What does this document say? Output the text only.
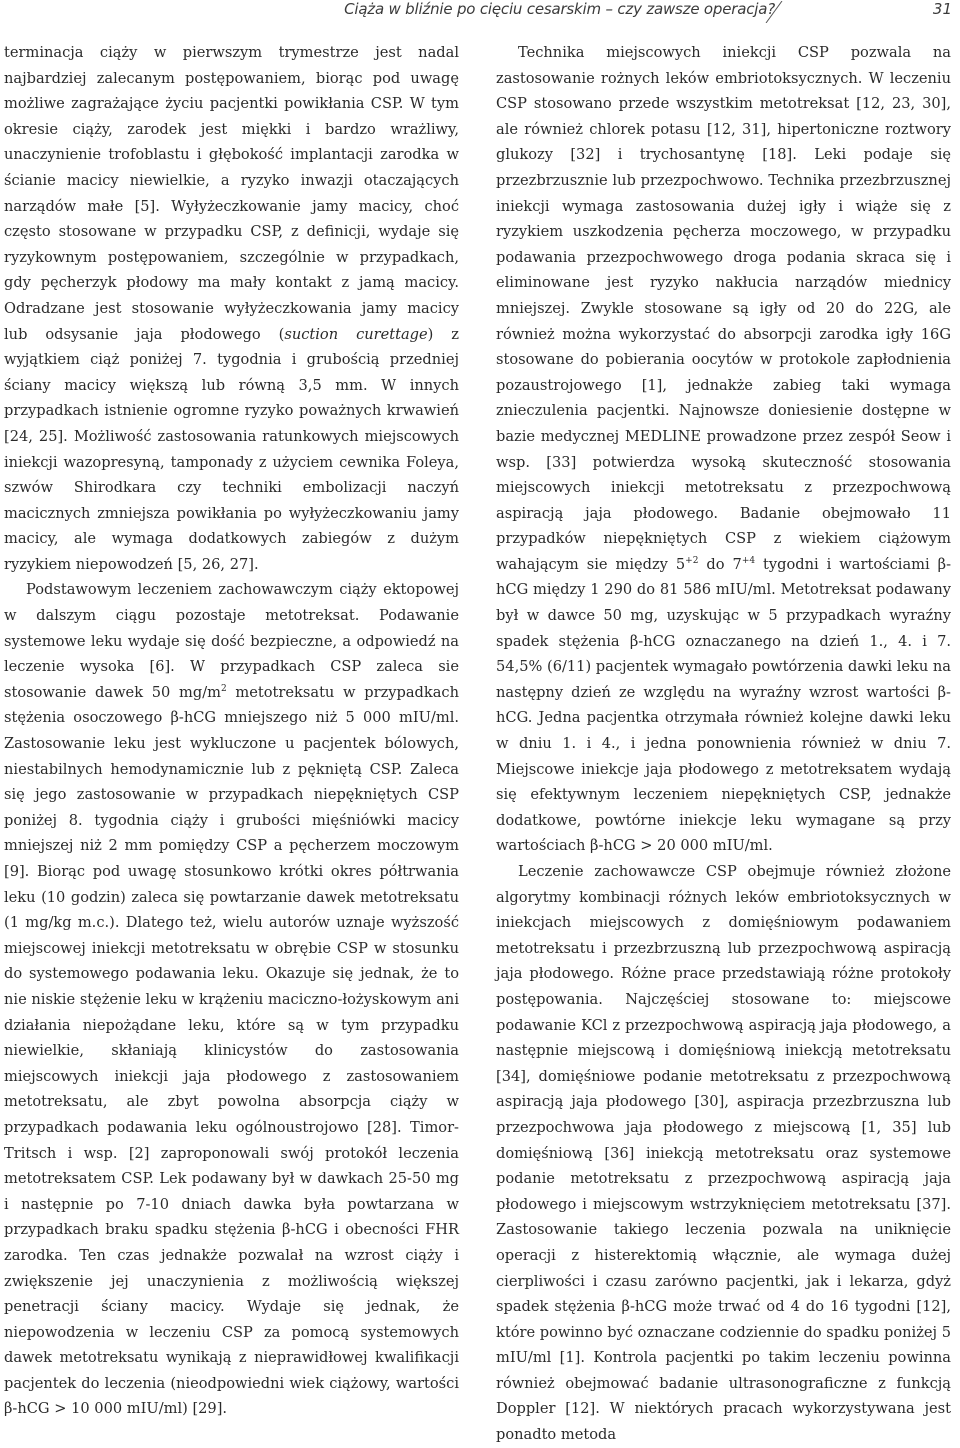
Ciąża w bliźnie po cięciu cesarskim – czy zawsze operacja?	31

terminacja ciąży w pierwszym trymestrze jest nadal najbardziej zalecanym postępowaniem, biorąc pod uwagę możliwe zagrażające życiu pacjentki powikłania CSP. W tym okresie ciąży, zarodek jest miękki i bardzo wrażliwy, unaczynienie trofoblastu i głębokość implantacji zarodka w ścianie macicy niewielkie, a ryzyko inwazji otaczających narządów małe [5]. Wyłyżeczkowanie jamy macicy, choć często stosowane w przypadku CSP, z definicji, wydaje się ryzykownym postępowaniem, szczególnie w przypadkach, gdy pęcherzyk płodowy ma mały kontakt z jamą macicy. Odradzane jest stosowanie wyłyżeczkowania jamy macicy lub odsysanie jaja płodowego (suction curettage) z wyjątkiem ciąż poniżej 7. tygodnia i grubością przedniej ściany macicy większą lub równą 3,5 mm. W innych przypadkach istnienie ogromne ryzyko poważnych krwawień [24, 25]. Możliwość zastosowania ratunkowych miejscowych iniekcji wazopresyną, tamponady z użyciem cewnika Foleya, szwów Shirodkara czy techniki embolizacji naczyń macicznych zmniejsza powikłania po wyłyżeczkowaniu jamy macicy, ale wymaga dodatkowych zabiegów z dużym ryzykiem niepowodzeń [5, 26, 27].

Podstawowym leczeniem zachowawczym ciąży ektopowej w dalszym ciągu pozostaje metotreksat. Podawanie systemowe leku wydaje się dość bezpieczne, a odpowiedź na leczenie wysoka [6]. W przypadkach CSP zaleca sie stosowanie dawek 50 $mg/m^2$ metotreksatu w przypadkach stężenia osoczowego β-hCG mniejszego niż 5 000 mIU/ml. Zastosowanie leku jest wykluczone u pacjentek bólowych, niestabilnych hemodynamicznie lub z pękniętą CSP. Zaleca się jego zastosowanie w przypadkach niepękniętych CSP poniżej 8. tygodnia ciąży i grubości mięśniówki macicy mniejszej niż 2 mm pomiędzy CSP a pęcherzem moczowym [9]. Biorąc pod uwagę stosunkowo krótki okres półtrwania leku (10 godzin) zaleca się powtarzanie dawek metotreksatu (1 mg/kg m.c.). Dlatego też, wielu autorów uznaje wyższość miejscowej iniekcji metotreksatu w obrębie CSP w stosunku do systemowego podawania leku. Okazuje się jednak, że to nie niskie stężenie leku w krążeniu maciczno-łożyskowym ani działania niepożądane leku, które są w tym przypadku niewielkie, skłaniają klinicystów do zastosowania miejscowych iniekcji jaja płodowego z zastosowaniem metotreksatu, ale zbyt powolna absorpcja ciąży w przypadkach podawania leku ogólnoustrojowo [28]. Timor-Tritsch i wsp. [2] zaproponowali swój protokół leczenia metotreksatem CSP. Lek podawany był w dawkach 25-50 mg i następnie po 7-10 dniach dawka była powtarzana w przypadkach braku spadku stężenia β-hCG i obecności FHR zarodka. Ten czas jednakże pozwalał na wzrost ciąży i zwiększenie jej unaczynienia z możliwością większej penetracji ściany macicy. Wydaje się jednak, że niepowodzenia w leczeniu CSP za pomocą systemowych dawek metotreksatu wynikają z nieprawidłowej kwalifikacji pacjentek do leczenia (nieodpowiedni wiek ciążowy, wartości β-hCG > 10 000 mIU/ml) [29].

Technika miejscowych iniekcji CSP pozwala na zastosowanie rożnych leków embriotoksycznych. W leczeniu CSP stosowano przede wszystkim metotreksat [12, 23, 30], ale również chlorek potasu [12, 31], hipertoniczne roztwory glukozy [32] i trychosantynę [18]. Leki podaje się przezbrzusznie lub przezpochwowo. Technika przezbrzusznej iniekcji wymaga zastosowania dużej igły i wiąże się z ryzykiem uszkodzenia pęcherza moczowego, w przypadku podawania przezpochwowego droga podania skraca się i eliminowane jest ryzyko nakłucia narządów miednicy mniejszej. Zwykle stosowane są igły od 20 do 22G, ale również można wykorzystać do absorpcji zarodka igły 16G stosowane do pobierania oocytów w protokole zapłodnienia pozaustrojowego [1], jednakże zabieg taki wymaga znieczulenia pacjentki. Najnowsze doniesienie dostępne w bazie medycznej MEDLINE prowadzone przez zespół Seow i wsp. [33] potwierdza wysoką skuteczność stosowania miejscowych iniekcji metotreksatu z przezpochwową aspiracją jaja płodowego. Badanie obejmowało 11 przypadków niepękniętych CSP z wiekiem ciążowym wahającym sie między $5^{+2}$ do $7^{+4}$ tygodni i wartościami β-hCG między 1 290 do 81 586 mIU/ml. Metotreksat podawany był w dawce 50 mg, uzyskując w 5 przypadkach wyraźny spadek stężenia β-hCG oznaczanego na dzień 1., 4. i 7. 54,5% (6/11) pacjentek wymagało powtórzenia dawki leku na następny dzień ze względu na wyraźny wzrost wartości β-hCG. Jedna pacjentka otrzymała również kolejne dawki leku w dniu 1. i 4., i jedna ponownienia również w dniu 7. Miejscowe iniekcje jaja płodowego z metotreksatem wydają się efektywnym leczeniem niepękniętych CSP, jednakże dodatkowe, powtórne iniekcje leku wymagane są przy wartościach β-hCG > 20 000 mIU/ml.

Leczenie zachowawcze CSP obejmuje również złożone algorytmy kombinacji różnych leków embriotoksycznych w iniekcjach miejscowych z domięśniowym podawaniem metotreksatu i przezbrzuszną lub przezpochwową aspiracją jaja płodowego. Różne prace przedstawiają różne protokoły postępowania. Najczęściej stosowane to: miejscowe podawanie KCl z przezpochwową aspiracją jaja płodowego, a następnie miejscową i domięśniową iniekcją metotreksatu [34], domięśniowe podanie metotreksatu z przezpochwową aspiracją jaja płodowego [30], aspiracja przezbrzuszna lub przezpochwowa jaja płodowego z miejscową [1, 35] lub domięśniową [36] iniekcją metotreksatu oraz systemowe podanie metotreksatu z przezpochwową aspiracją jaja płodowego i miejscowym wstrzyknięciem metotreksatu [37]. Zastosowanie takiego leczenia pozwala na uniknięcie operacji z histerektomią włącznie, ale wymaga dużej cierpliwości i czasu zarówno pacjentki, jak i lekarza, gdyż spadek stężenia β-hCG może trwać od 4 do 16 tygodni [12], które powinno być oznaczane codziennie do spadku poniżej 5 mIU/ml [1]. Kontrola pacjentki po takim leczeniu powinna również obejmować badanie ultrasonograficzne z funkcją Doppler [12]. W niektórych pracach wykorzystywana jest ponadto metoda
